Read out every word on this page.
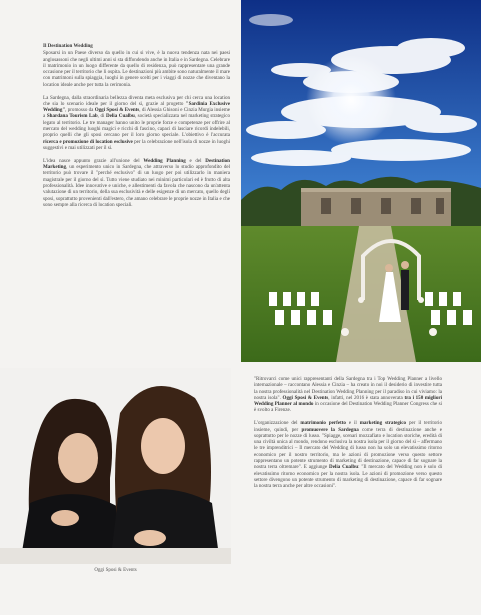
Il Destination Wedding

Sposarsi in un Paese diverso da quello in cui si vive, è la nuova tendenza nata nei paesi anglosassoni che negli ultimi anni si sta diffondendo anche in Italia e in Sardegna. Celebrare il matrimonio in un luogo differente da quello di residenza, può rappresentare una grande occasione per il territorio che li ospita. Le destinazioni più ambite sono naturalmente il mare con matrimoni sulla spiaggia, luoghi in genere scelti per i viaggi di nozze che diventano la location ideale anche per tutta la cerimonia.

La Sardegna, dalla straordinaria bellezza diventa meta esclusiva per chi cerca una location che sia lo scenario ideale per il giorno del sì, grazie al progetto "Sardinia Exclusive Wedding", promosso da Oggi Sposi & Events, di Alessia Ghisoni e Cinzia Murgia insieme a Shardana Tourism Lab, di Delia Cualbu, società specializzata nel marketing strategico legato al territorio. Le tre manager hanno unito le proprie forze e competenze per offrire al mercato del wedding luoghi magici e ricchi di fascino, capaci di lasciare ricordi indelebili, proprio quelli che gli sposi cercano per il loro giorno speciale. L'obiettivo è l'accurata ricerca e promozione di location esclusive per la celebrazione nell'isola di nozze in luoghi suggestivi e mai utilizzati per il sì.

L'idea nasce appunto grazie all'unione del Wedding Planning e del Destination Marketing, un esperimento unico in Sardegna, che attraverso lo studio approfondito del territorio può trovare il "perché esclusivo" di un luogo per poi utilizzarlo in maniera magistrale per il giorno del sì. Tutto viene studiato nei minimi particolari ed è frutto di alta professionalità. Idee innovative e uniche, e allestimenti da favola che nascono da un'attenta valutazione di un territorio, della sua esclusività e delle esigenze di un mercato, quello degli sposi, soprattutto provenienti dall'estero, che amano celebrare le proprie nozze in Italia e che sono sempre alla ricerca di location speciali.

Oggi Sposi & Events

"Ritrovarci come unici rappresentanti della Sardegna tra i Top Wedding Planner a livello internazionale – raccontano Alessia e Cinzia – ha creato in noi il desiderio di investire tutta la nostra professionalità nel Destination Wedding Planning per il paradiso in cui viviamo: la nostra isola". Oggi Sposi & Events, infatti, nel 2016 è stata annoverata tra i 150 migliori Wedding Planner al mondo in occasione del Destination Wedding Planner Congress che si è svolto a Firenze.

L'organizzazione del matrimonio perfetto e il marketing strategico per il territorio insieme, quindi, per promuovere la Sardegna come terra di destinazione anche e soprattutto per le nozze di lusso. "Spiagge, scenari mozzafiato e location storiche, eredità di una civiltà unica al mondo, rendono esclusiva la nostra isola per il giorno del sì – affermano le tre imprenditrici – Il mercato del Wedding di lusso non ha solo un elevatissimo ritorno economico per il nostro territorio, ma le azioni di promozione verso questo settore rappresentano un potente strumento di marketing di destinazione, capace di far sognare la nostra terra oltremare". E aggiunge Delia Cualbu: "Il mercato del Wedding non è solo di elevatissimo ritorno economico per la nostra isola. Le azioni di promozione verso questo settore divengono un potente strumento di marketing di destinazione, capace di far sognare la nostra terra anche per altre occasioni".
